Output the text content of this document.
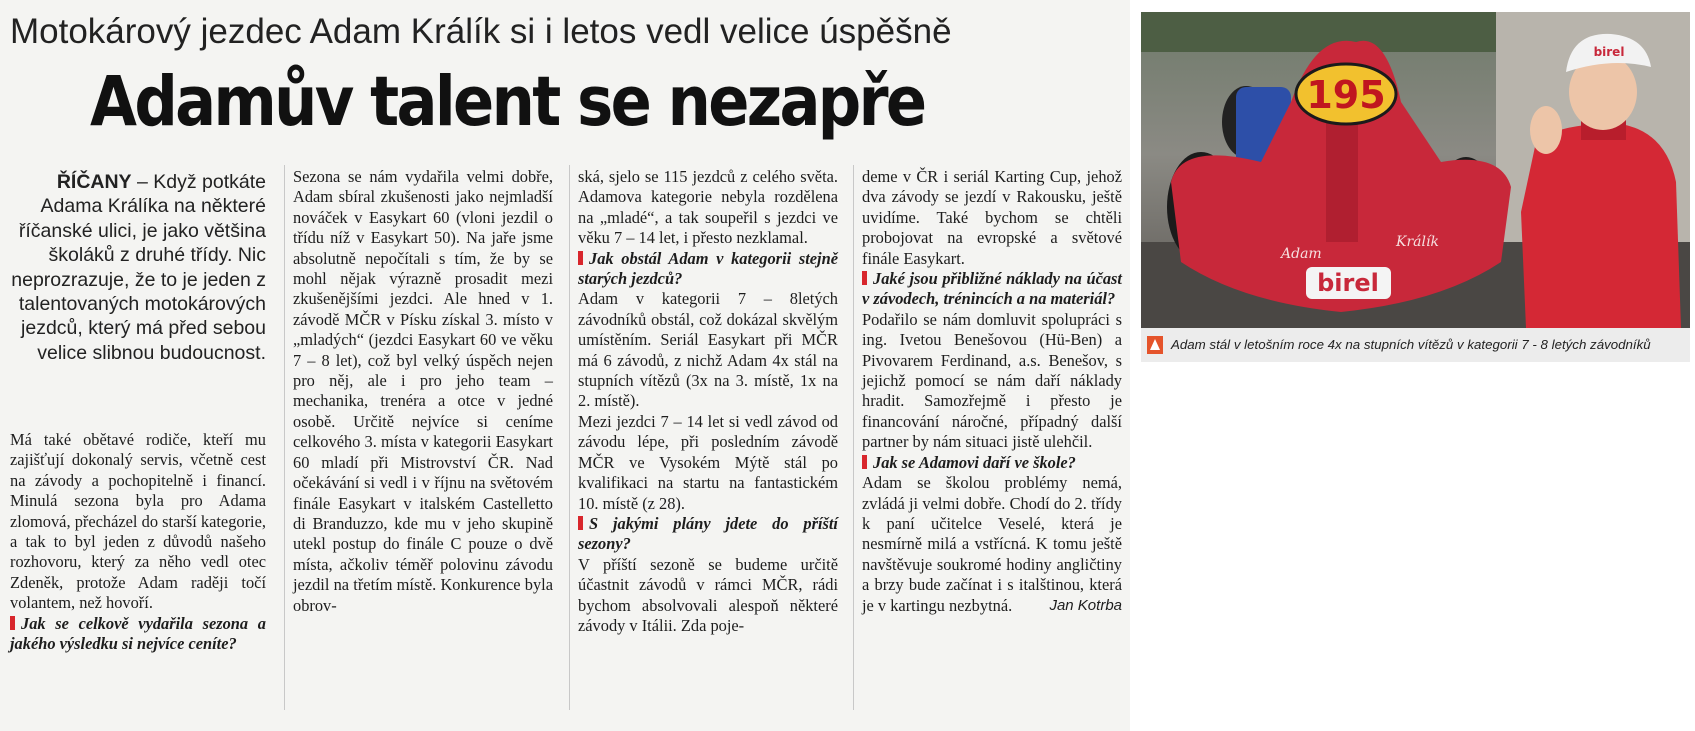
Motokárový jezdec Adam Králík si i letos vedl velice úspěšně
Adamův talent se nezapře
ŘÍČANY – Když potkáte Adama Králíka na některé říčanské ulici, je jako většina školáků z druhé třídy. Nic neprozrazuje, že to je jeden z talentovaných motokárových jezdců, který má před sebou velice slibnou budoucnost.

Má také obětavé rodiče, kteří mu zajišťují dokonalý servis, včetně cest na závody a pochopitelně i financí. Minulá sezona byla pro Adama zlomová, přecházel do starší kategorie, a tak to byl jeden z důvodů našeho rozhovoru, který za něho vedl otec Zdeněk, protože Adam raději točí volantem, než hovoří.

Jak se celkově vydařila sezona a jakého výsledku si nejvíce ceníte?

Sezona se nám vydařila velmi dobře, Adam sbíral zkušenosti jako nejmladší nováček v Easykart 60 (vloni jezdil o třídu níž v Easykart 50). Na jaře jsme absolutně nepočítali s tím, že by se mohl nějak výrazně prosadit mezi zkušenějšími jezdci. Ale hned v 1. závodě MČR v Písku získal 3. místo v „mladých“ (jezdci Easykart 60 ve věku 7 – 8 let), což byl velký úspěch nejen pro něj, ale i pro jeho team – mechanika, trenéra a otce v jedné osobě. Určitě nejvíce si ceníme celkového 3. místa v kategorii Easykart 60 mladí při Mistrovství ČR. Nad očekávání si vedl i v říjnu na světovém finále Easykart v italském Castelletto di Branduzzo, kde mu v jeho skupině utekl postup do finále C pouze o dvě místa, ačkoliv téměř polovinu závodu jezdil na třetím místě. Konkurence byla obrov-

ská, sjelo se 115 jezdců z celého světa. Adamova kategorie nebyla rozdělena na „mladé“, a tak soupeřil s jezdci ve věku 7 – 14 let, i přesto nezklamal.

Jak obstál Adam v kategorii stejně starých jezdců?

Adam v kategorii 7 – 8letých závodníků obstál, což dokázal skvělým umístěním. Seriál Easykart při MČR má 6 závodů, z nichž Adam 4x stál na stupních vítězů (3x na 3. místě, 1x na 2. místě).

Mezi jezdci 7 – 14 let si vedl závod od závodu lépe, při posledním závodě MČR ve Vysokém Mýtě stál po kvalifikaci na startu na fantastickém 10. místě (z 28).

S jakými plány jdete do příští sezony?

V příští sezoně se budeme určitě účastnit závodů v rámci MČR, rádi bychom absolvovali alespoň některé závody v Itálii. Zda poje-

deme v ČR i seriál Karting Cup, jehož dva závody se jezdí v Rakousku, ještě uvidíme. Také bychom se chtěli probojovat na evropské a světové finále Easykart.

Jaké jsou přibližné náklady na účast v závodech, trénincích a na materiál?

Podařilo se nám domluvit spolupráci s ing. Ivetou Benešovou (Hü-Ben) a Pivovarem Ferdinand, a.s. Benešov, s jejichž pomocí se nám daří náklady hradit. Samozřejmě i přesto je financování náročné, případný další partner by nám situaci jistě ulehčil.

Jak se Adamovi daří ve škole?

Adam se školou problémy nemá, zvládá ji velmi dobře. Chodí do 2. třídy k paní učitelce Veselé, která je nesmírně milá a vstřícná. K tomu ještě navštěvuje soukromé hodiny angličtiny a brzy bude začínat i s italštinou, která je v kartingu nezbytná.	Jan Kotrba
195
Adam
Králík
birel
birel
Adam stál v letošním roce 4x na stupních vítězů v kategorii 7 - 8 letých závodníků
